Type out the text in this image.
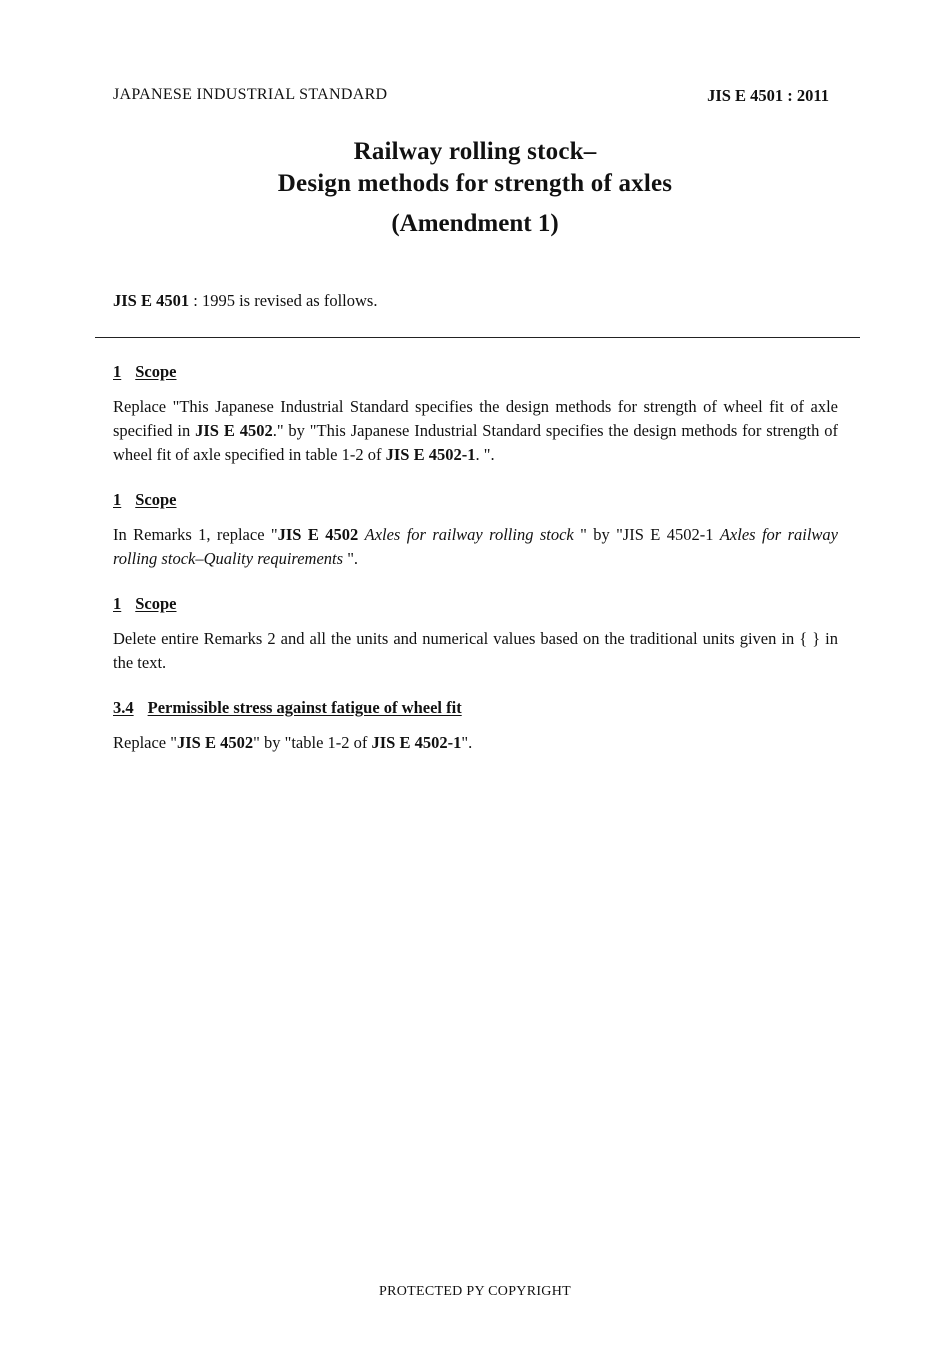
JAPANESE INDUSTRIAL STANDARD	JIS E 4501 : 2011
Railway rolling stock–
Design methods for strength of axles
(Amendment 1)
JIS E 4501 : 1995 is revised as follows.
1 Scope
Replace "This Japanese Industrial Standard specifies the design methods for strength of wheel fit of axle specified in JIS E 4502." by "This Japanese Industrial Standard specifies the design methods for strength of wheel fit of axle specified in table 1-2 of JIS E 4502-1. ".
1 Scope
In Remarks 1, replace "JIS E 4502 Axles for railway rolling stock " by "JIS E 4502-1 Axles for railway rolling stock–Quality requirements ".
1 Scope
Delete entire Remarks 2 and all the units and numerical values based on the traditional units given in { } in the text.
3.4 Permissible stress against fatigue of wheel fit
Replace "JIS E 4502" by "table 1-2 of JIS E 4502-1".
PROTECTED PY COPYRIGHT
